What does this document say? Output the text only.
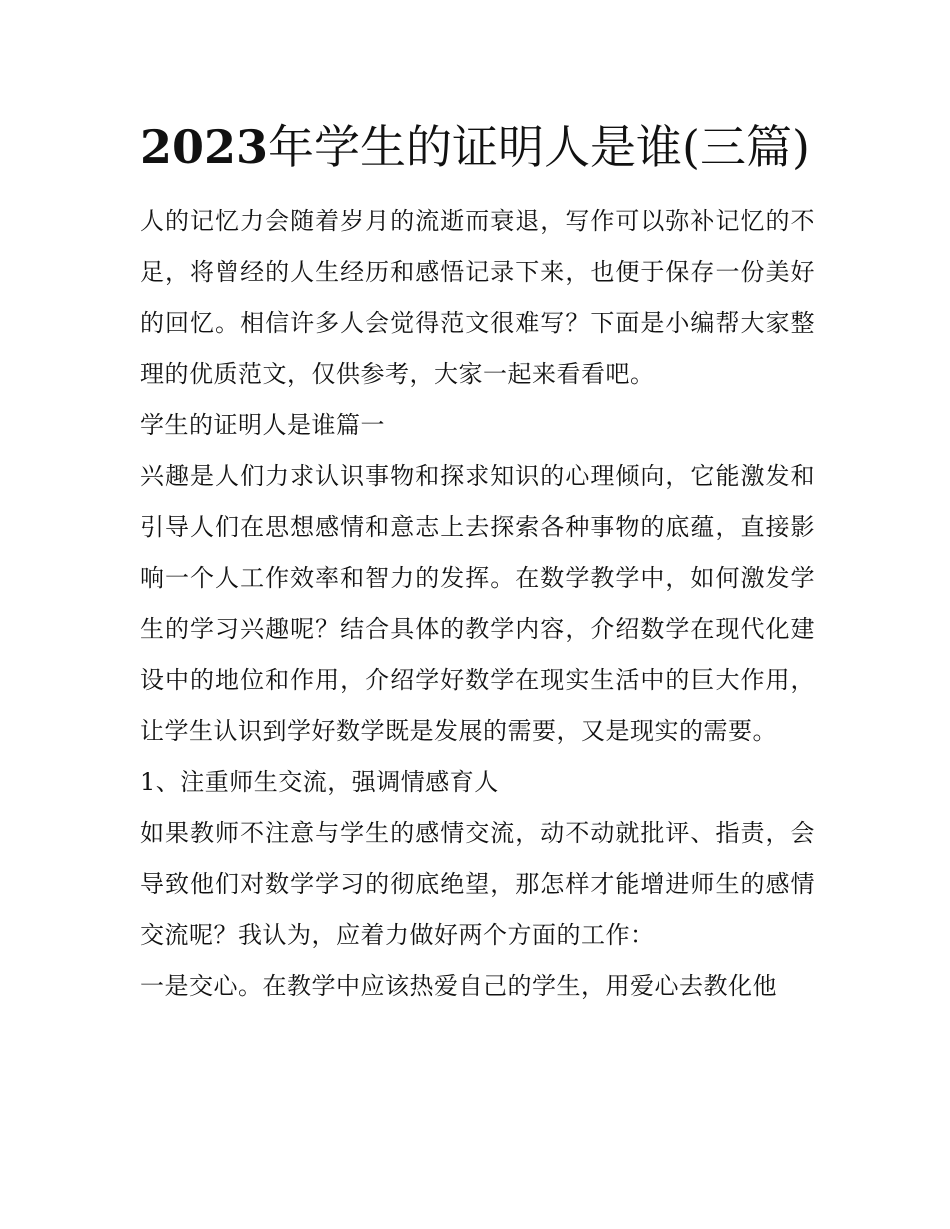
2023年学生的证明人是谁(三篇)

人的记忆力会随着岁月的流逝而衰退，写作可以弥补记忆的不足，将曾经的人生经历和感悟记录下来，也便于保存一份美好的回忆。相信许多人会觉得范文很难写？下面是小编帮大家整理的优质范文，仅供参考，大家一起来看看吧。

学生的证明人是谁篇一

兴趣是人们力求认识事物和探求知识的心理倾向，它能激发和引导人们在思想感情和意志上去探索各种事物的底蕴，直接影响一个人工作效率和智力的发挥。在数学教学中，如何激发学生的学习兴趣呢？结合具体的教学内容，介绍数学在现代化建设中的地位和作用，介绍学好数学在现实生活中的巨大作用，让学生认识到学好数学既是发展的需要，又是现实的需要。

1、注重师生交流，强调情感育人

如果教师不注意与学生的感情交流，动不动就批评、指责，会导致他们对数学学习的彻底绝望，那怎样才能增进师生的感情交流呢？我认为，应着力做好两个方面的工作：

一是交心。在教学中应该热爱自己的学生，用爱心去教化他
